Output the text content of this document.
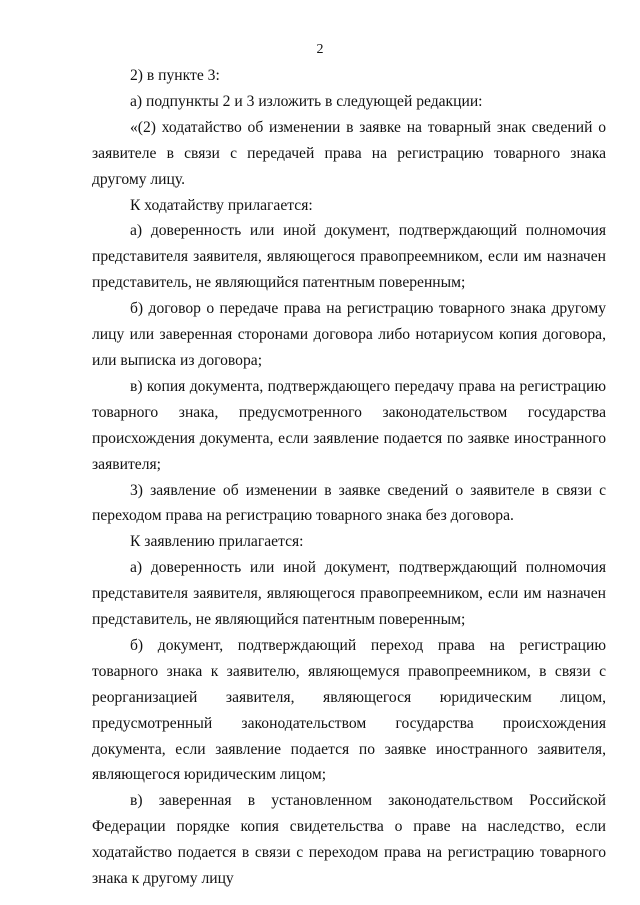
2

2) в пункте 3:

а) подпункты 2 и 3 изложить в следующей редакции:

«(2) ходатайство об изменении в заявке на товарный знак сведений о заявителе в связи с передачей права на регистрацию товарного знака другому лицу.

К ходатайству прилагается:

а) доверенность или иной документ, подтверждающий полномочия представителя заявителя, являющегося правопреемником, если им назначен представитель, не являющийся патентным поверенным;

б) договор о передаче права на регистрацию товарного знака другому лицу или заверенная сторонами договора либо нотариусом копия договора, или выписка из договора;

в) копия документа, подтверждающего передачу права на регистрацию товарного знака, предусмотренного законодательством государства происхождения документа, если заявление подается по заявке иностранного заявителя;

3) заявление об изменении в заявке сведений о заявителе в связи с переходом права на регистрацию товарного знака без договора.

К заявлению прилагается:

а) доверенность или иной документ, подтверждающий полномочия представителя заявителя, являющегося правопреемником, если им назначен представитель, не являющийся патентным поверенным;

б) документ, подтверждающий переход права на регистрацию товарного знака к заявителю, являющемуся правопреемником, в связи с реорганизацией заявителя, являющегося юридическим лицом, предусмотренный законодательством государства происхождения документа, если заявление подается по заявке иностранного заявителя, являющегося юридическим лицом;

в) заверенная в установленном законодательством Российской Федерации порядке копия свидетельства о праве на наследство, если ходатайство подается в связи с переходом права на регистрацию товарного знака к другому лицу
